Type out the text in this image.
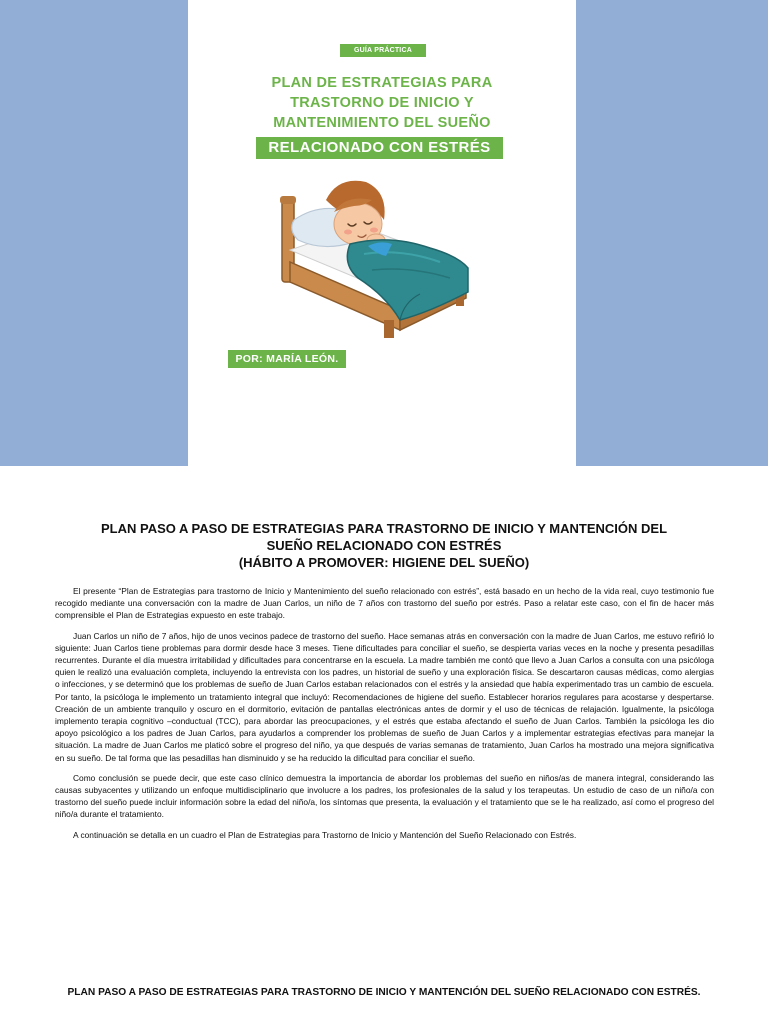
GUÍA PRÁCTICA
PLAN DE ESTRATEGIAS PARA
TRASTORNO DE INICIO Y
MANTENIMIENTO DEL SUEÑO
RELACIONADO CON ESTRÉS
POR: MARÍA LEÓN.
PLAN PASO A PASO DE ESTRATEGIAS PARA TRASTORNO DE INICIO Y MANTENCIÓN DEL
SUEÑO RELACIONADO CON ESTRÉS
(HÁBITO A PROMOVER: HIGIENE DEL SUEÑO)

El presente “Plan de Estrategias para trastorno de Inicio y Mantenimiento del sueño relacionado con estrés”, está basado en un hecho de la vida real, cuyo testimonio fue recogido mediante una conversación con la madre de Juan Carlos, un niño de 7 años con trastorno del sueño por estrés. Paso a relatar este caso, con el fin de hacer más comprensible el Plan de Estrategias expuesto en este trabajo.

Juan Carlos un niño de 7 años, hijo de unos vecinos padece de trastorno del sueño. Hace semanas atrás en conversación con la madre de Juan Carlos, me estuvo refirió lo siguiente: Juan Carlos tiene problemas para dormir desde hace 3 meses. Tiene dificultades para conciliar el sueño, se despierta varias veces en la noche y presenta pesadillas recurrentes. Durante el día muestra irritabilidad y dificultades para concentrarse en la escuela. La madre también me contó que llevo a Juan Carlos a consulta con una psicóloga quien le realizó una evaluación completa, incluyendo la entrevista con los padres, un historial de sueño y una exploración física. Se descartaron causas médicas, como alergias o infecciones, y se determinó que los problemas de sueño de Juan Carlos estaban relacionados con el estrés y la ansiedad que había experimentado tras un cambio de escuela. Por tanto, la psicóloga le implemento un tratamiento integral que incluyó: Recomendaciones de higiene del sueño. Establecer horarios regulares para acostarse y despertarse. Creación de un ambiente tranquilo y oscuro en el dormitorio, evitación de pantallas electrónicas antes de dormir y el uso de técnicas de relajación. Igualmente, la psicóloga implemento terapia cognitivo –conductual (TCC), para abordar las preocupaciones, y el estrés que estaba afectando el sueño de Juan Carlos. También la psicóloga les dio apoyo psicológico a los padres de Juan Carlos, para ayudarlos a comprender los problemas de sueño de Juan Carlos y a implementar estrategias efectivas para manejar la situación. La madre de Juan Carlos me platicó sobre el progreso del niño, ya que después de varias semanas de tratamiento, Juan Carlos ha mostrado una mejora significativa en su sueño. De tal forma que las pesadillas han disminuido y se ha reducido la dificultad para conciliar el sueño.

Como conclusión se puede decir, que este caso clínico demuestra la importancia de abordar los problemas del sueño en niños/as de manera integral, considerando las causas subyacentes y utilizando un enfoque multidisciplinario que involucre a los padres, los profesionales de la salud y los terapeutas. Un estudio de caso de un niño/a con trastorno del sueño puede incluir información sobre la edad del niño/a, los síntomas que presenta, la evaluación y el tratamiento que se le ha realizado, así como el progreso del niño/a durante el tratamiento.

A continuación se detalla en un cuadro el Plan de Estrategias para Trastorno de Inicio y Mantención del Sueño Relacionado con Estrés.

PLAN PASO A PASO DE ESTRATEGIAS PARA TRASTORNO DE INICIO Y MANTENCIÓN DEL SUEÑO RELACIONADO CON ESTRÉS.
